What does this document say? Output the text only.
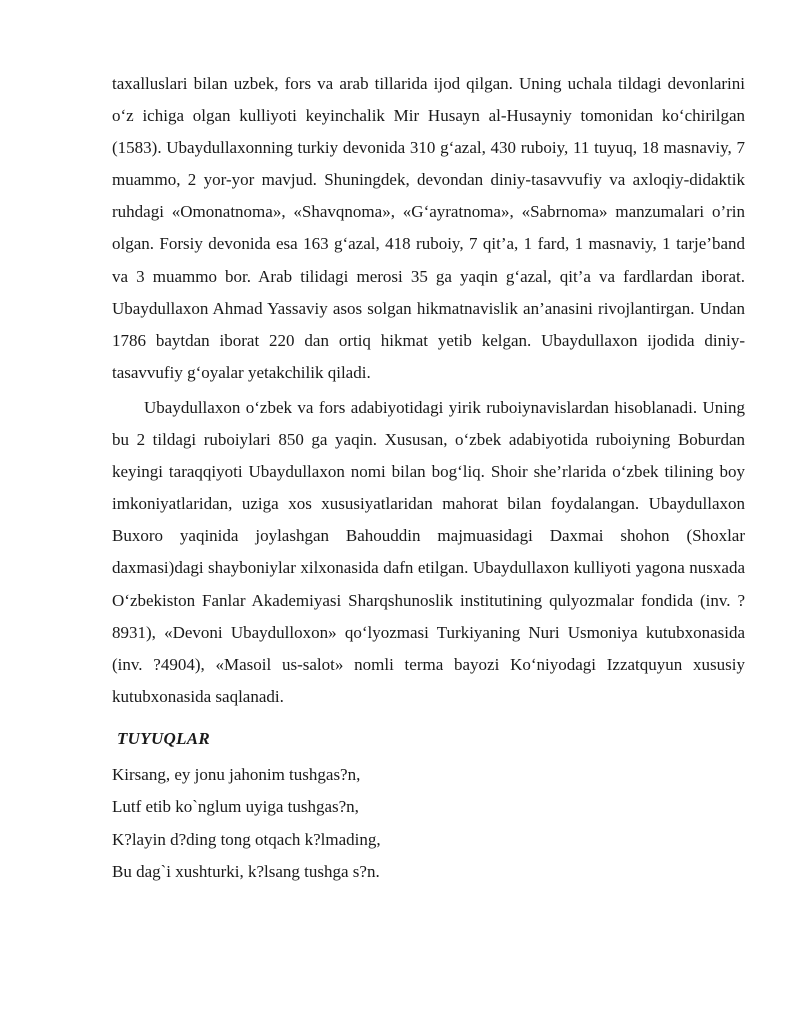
taxalluslari bilan uzbek, fors va arab tillarida ijod qilgan. Uning uchala tildagi devonlarini o‘z ichiga olgan kulliyoti keyinchalik Mir Husayn al-Husayniy tomonidan ko‘chirilgan (1583). Ubaydullaxonning turkiy devonida 310 g‘azal, 430 ruboiy, 11 tuyuq, 18 masnaviy, 7 muammo, 2 yor-yor mavjud. Shuningdek, devondan diniy-tasavvufiy va axloqiy-didaktik ruhdagi «Omonatnoma», «Shavqnoma», «G‘ayratnoma», «Sabrnoma» manzumalari o’rin olgan. Forsiy devonida esa 163 g‘azal, 418 ruboiy, 7 qit’a, 1 fard, 1 masnaviy, 1 tarje’band va 3 muammo bor. Arab tilidagi merosi 35 ga yaqin g‘azal, qit’a va fardlardan iborat. Ubaydullaxon Ahmad Yassaviy asos solgan hikmatnavislik an’anasini rivojlantirgan. Undan 1786 baytdan iborat 220 dan ortiq hikmat yetib kelgan. Ubaydullaxon ijodida diniy-tasavvufiy g‘oyalar yetakchilik qiladi.

Ubaydullaxon o‘zbek va fors adabiyotidagi yirik ruboiynavislardan hisoblanadi. Uning bu 2 tildagi ruboiylari 850 ga yaqin. Xususan, o‘zbek adabiyotida ruboiyning Boburdan keyingi taraqqiyoti Ubaydullaxon nomi bilan bog‘liq. Shoir she’rlarida o‘zbek tilining boy imkoniyatlaridan, uziga xos xususiyatlaridan mahorat bilan foydalangan. Ubaydullaxon Buxoro yaqinida joylashgan Bahouddin majmuasidagi Daxmai shohon (Shoxlar daxmasi)dagi shayboniylar xilxonasida dafn etilgan. Ubaydullaxon kulliyoti yagona nusxada O‘zbekiston Fanlar Akademiyasi Sharqshunoslik institutining qulyozmalar fondida (inv. ?8931), «Devoni Ubaydulloxon» qo‘lyozmasi Turkiyaning Nuri Usmoniya kutubxonasida (inv. ?4904), «Masoil us-salot» nomli terma bayozi Ko‘niyodagi Izzatquyun xususiy kutubxonasida saqlanadi.

TUYUQLAR
Kirsang, ey jonu jahonim tushgas?n,
Lutf etib ko`nglum uyiga tushgas?n,
K?layin d?ding tong otqach k?lmading,
Bu dag`i xushturki, k?lsang tushga s?n.
